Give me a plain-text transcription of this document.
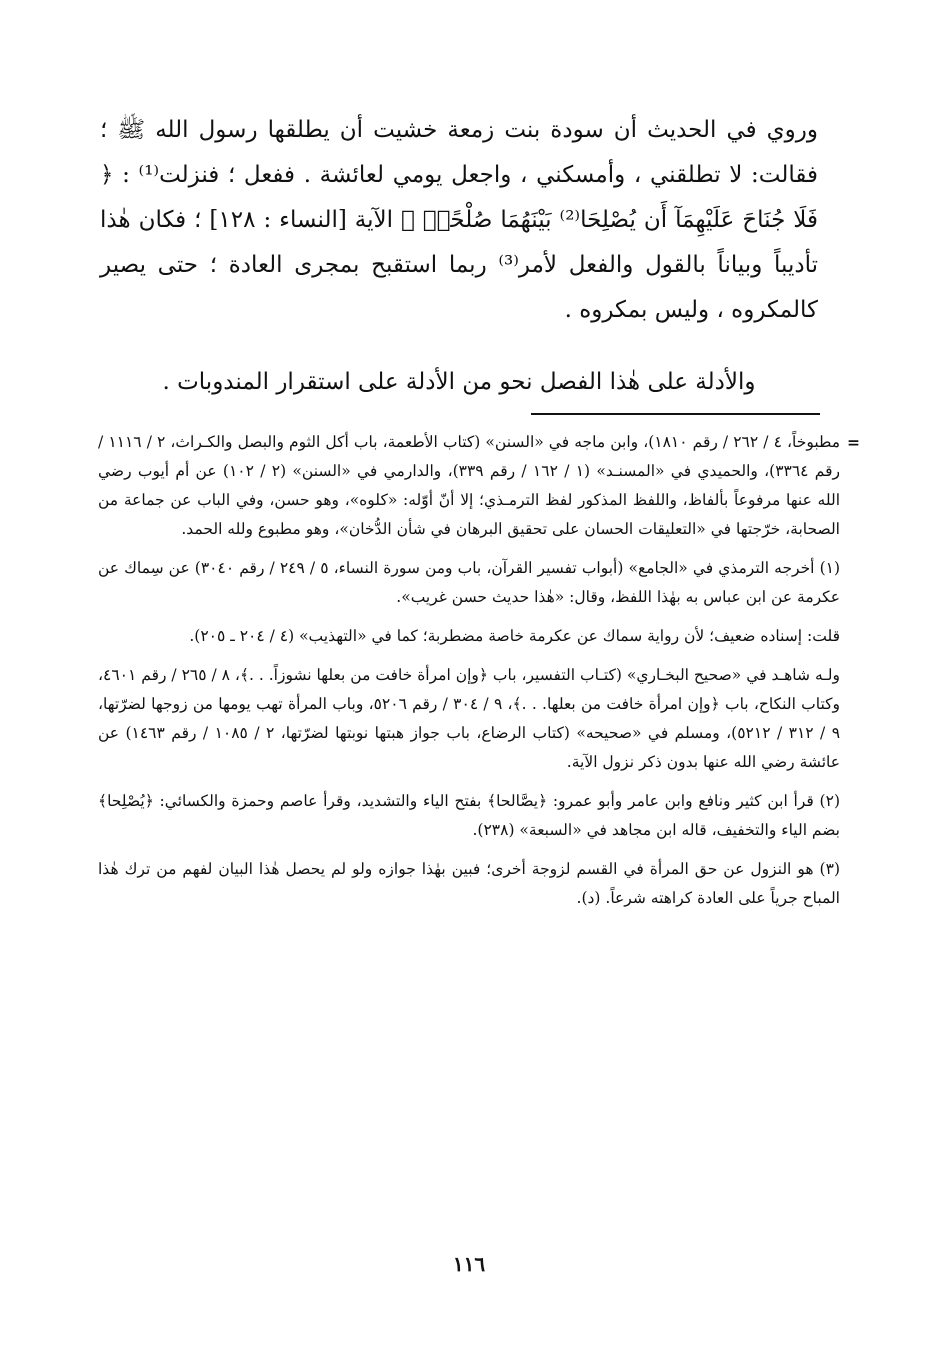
وروي في الحديث أن سودة بنت زمعة خشيت أن يطلقها رسول الله ﷺ ؛ فقالت: لا تطلقني ، وأمسكني ، واجعل يومي لعائشة . ففعل ؛ فنزلت⁽¹⁾ : ﴿ فَلَا جُنَاحَ عَلَيْهِمَآ أَن يُصْلِحَا⁽²⁾ بَيْنَهُمَا صُلْحًاۚ ﴾ الآية [النساء : ١٢٨] ؛ فكان هٰذا تأديباً وبياناً بالقول والفعل لأمر⁽³⁾ ربما استقبح بمجرى العادة ؛ حتى يصير كالمكروه ، وليس بمكروه .

والأدلة على هٰذا الفصل نحو من الأدلة على استقرار المندوبات .

=
مطبوخاً، ٤ / ٢٦٢ / رقم ١٨١٠)، وابن ماجه في «السنن» (كتاب الأطعمة، باب أكل الثوم والبصل والكـراث، ٢ / ١١١٦ / رقم ٣٣٦٤)، والحميدي في «المسنـد» (١ / ١٦٢ / رقم ٣٣٩)، والدارمي في «السنن» (٢ / ١٠٢) عن أم أيوب رضي الله عنها مرفوعاً بألفاظ، واللفظ المذكور لفظ الترمـذي؛ إلا أنّ أوّله: «كلوه»، وهو حسن، وفي الباب عن جماعة من الصحابة، خرّجتها في «التعليقات الحسان على تحقيق البرهان في شأن الدُّخان»، وهو مطبوع ولله الحمد.

(١) أخرجه الترمذي في «الجامع» (أبواب تفسير القرآن، باب ومن سورة النساء، ٥ / ٢٤٩ / رقم ٣٠٤٠) عن سِماك عن عكرمة عن ابن عباس به بهٰذا اللفظ، وقال: «هٰذا حديث حسن غريب».

قلت: إسناده ضعيف؛ لأن رواية سماك عن عكرمة خاصة مضطربة؛ كما في «التهذيب» (٤ / ٢٠٤ ـ ٢٠٥).

ولـه شاهـد في «صحيح البخـاري» (كتـاب التفسير، باب ﴿وإن امرأة خافت من بعلها نشوزاً. . .﴾، ٨ / ٢٦٥ / رقم ٤٦٠١، وكتاب النكاح، باب ﴿وإن امرأة خافت من بعلها. . .﴾، ٩ / ٣٠٤ / رقم ٥٢٠٦، وباب المرأة تهب يومها من زوجها لضرّتها، ٩ / ٣١٢ / ٥٢١٢)، ومسلم في «صحيحه» (كتاب الرضاع، باب جواز هبتها نوبتها لضرّتها، ٢ / ١٠٨٥ / رقم ١٤٦٣) عن عائشة رضي الله عنها بدون ذكر نزول الآية.

(٢) قرأ ابن كثير ونافع وابن عامر وأبو عمرو: ﴿يصَّالحا﴾ بفتح الياء والتشديد، وقرأ عاصم وحمزة والكسائي: ﴿يُصْلِحا﴾ بضم الياء والتخفيف، قاله ابن مجاهد في «السبعة» (٢٣٨).

(٣) هو النزول عن حق المرأة في القسم لزوجة أخرى؛ فبين بهٰذا جوازه ولو لم يحصل هٰذا البيان لفهم من ترك هٰذا المباح جرياً على العادة كراهته شرعاً. (د).

١١٦
